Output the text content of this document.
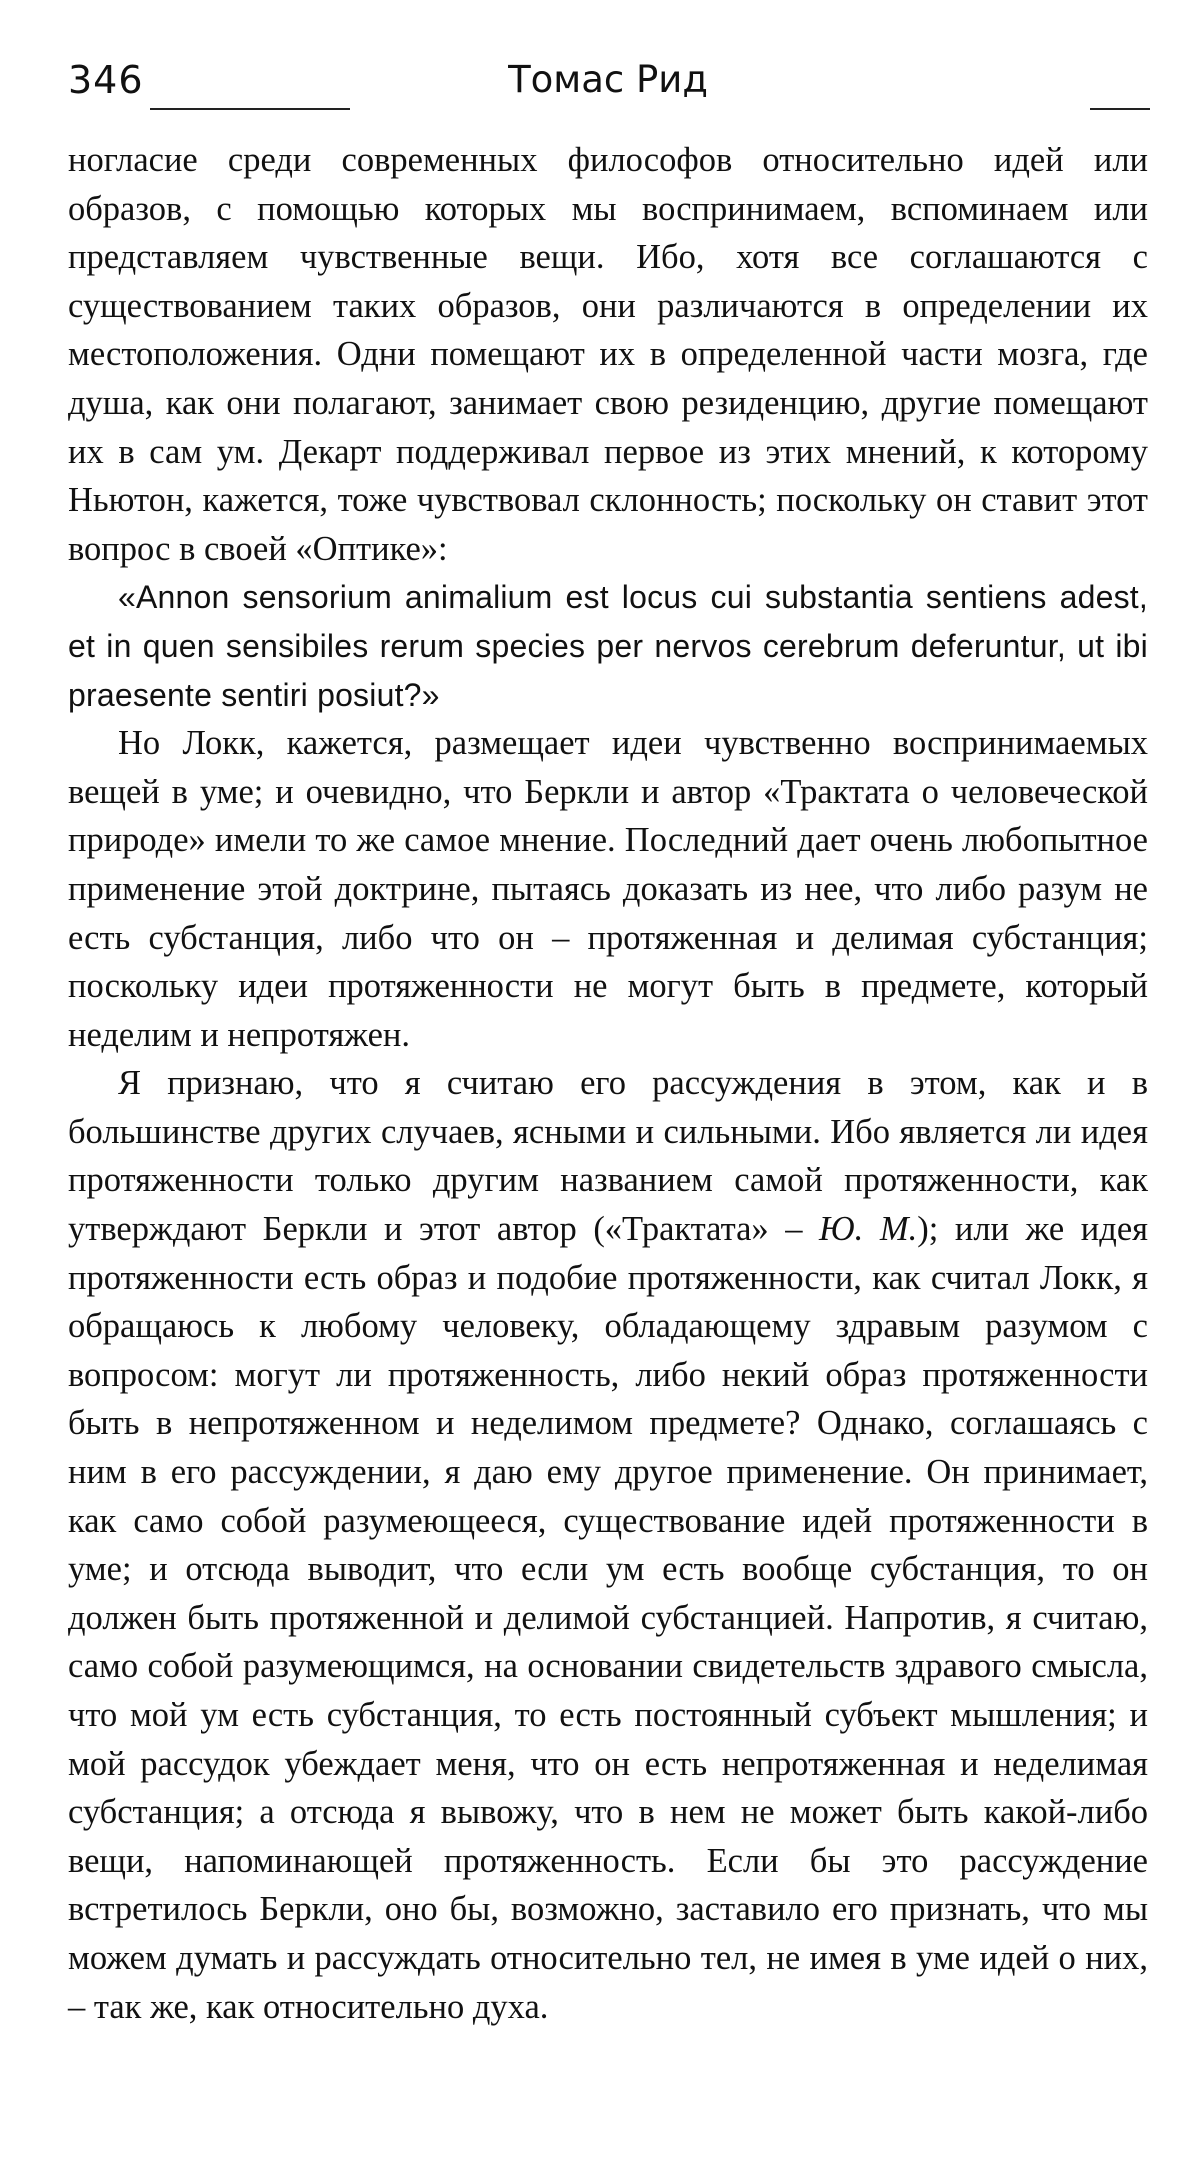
346	Томас Рид

ногласие среди современных философов относительно идей или образов, с помощью которых мы воспринимаем, вспоминаем или представляем чувственные вещи. Ибо, хотя все соглашаются с существованием таких образов, они различаются в определении их местоположения. Одни помещают их в определенной части мозга, где душа, как они полагают, занимает свою резиденцию, другие помещают их в сам ум. Декарт поддерживал первое из этих мнений, к которому Ньютон, кажется, тоже чувствовал склонность; поскольку он ставит этот вопрос в своей «Оптике»:

«Annon sensorium animalium est locus cui substantia sentiens adest, et in quen sensibiles rerum species per nervos cerebrum deferuntur, ut ibi praesente sentiri posiut?»

Но Локк, кажется, размещает идеи чувственно воспринимаемых вещей в уме; и очевидно, что Беркли и автор «Трактата о человеческой природе» имели то же самое мнение. Последний дает очень любопытное применение этой доктрине, пытаясь доказать из нее, что либо разум не есть субстанция, либо что он – протяженная и делимая субстанция; поскольку идеи протяженности не могут быть в предмете, который неделим и непротяжен.

Я признаю, что я считаю его рассуждения в этом, как и в большинстве других случаев, ясными и сильными. Ибо является ли идея протяженности только другим названием самой протяженности, как утверждают Беркли и этот автор («Трактата» – Ю. М.); или же идея протяженности есть образ и подобие протяженности, как считал Локк, я обращаюсь к любому человеку, обладающему здравым разумом с вопросом: могут ли протяженность, либо некий образ протяженности быть в непротяженном и неделимом предмете? Однако, соглашаясь с ним в его рассуждении, я даю ему другое применение. Он принимает, как само собой разумеющееся, существование идей протяженности в уме; и отсюда выводит, что если ум есть вообще субстанция, то он должен быть протяженной и делимой субстанцией. Напротив, я считаю, само собой разумеющимся, на основании свидетельств здравого смысла, что мой ум есть субстанция, то есть постоянный субъект мышления; и мой рассудок убеждает меня, что он есть непротяженная и неделимая субстанция; а отсюда я вывожу, что в нем не может быть какой-либо вещи, напоминающей протяженность. Если бы это рассуждение встретилось Беркли, оно бы, возможно, заставило его признать, что мы можем думать и рассуждать относительно тел, не имея в уме идей о них, – так же, как относительно духа.
